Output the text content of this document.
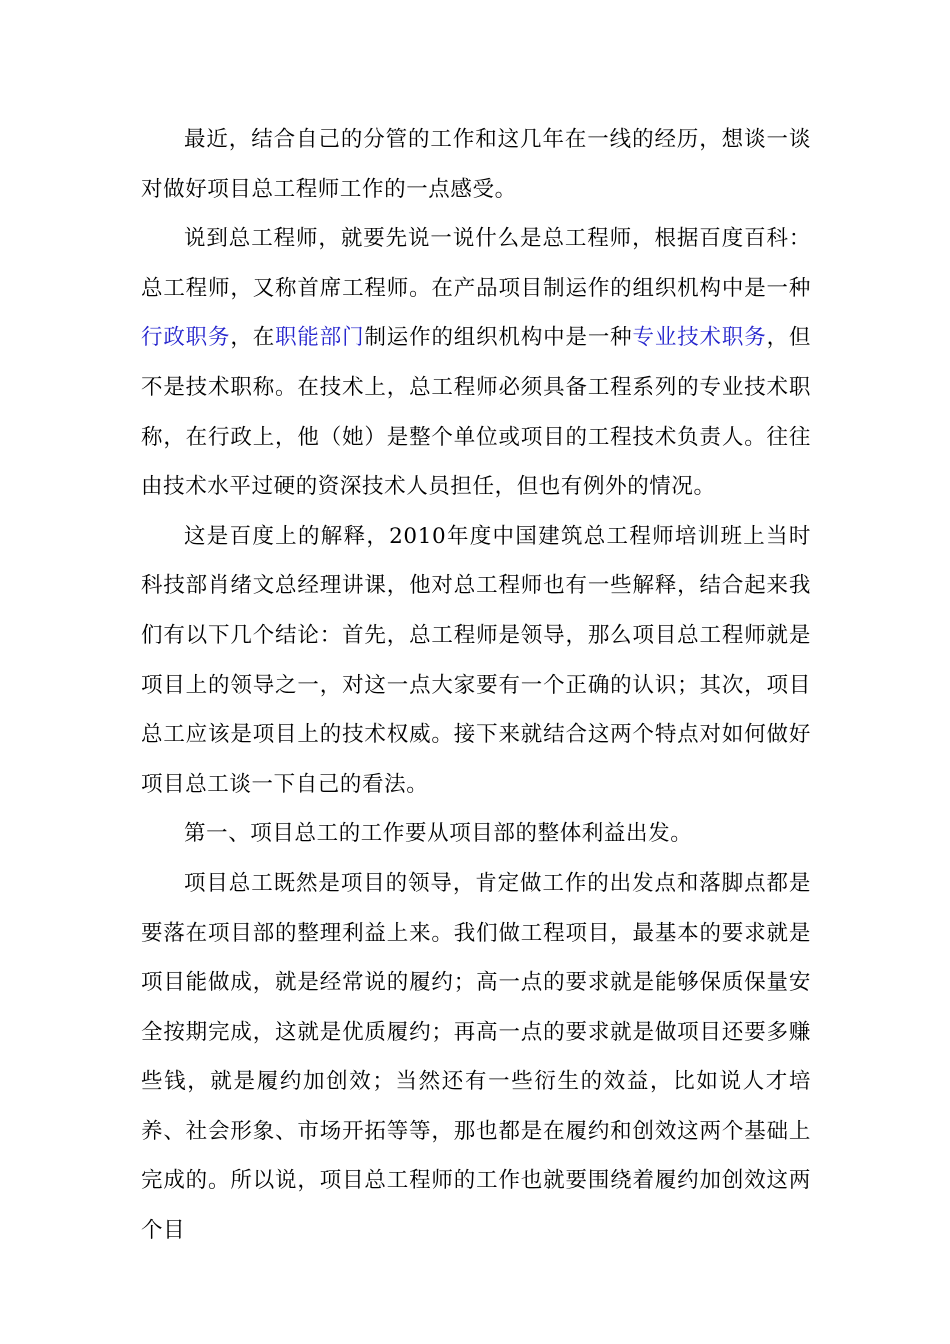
最近，结合自己的分管的工作和这几年在一线的经历，想谈一谈对做好项目总工程师工作的一点感受。

说到总工程师，就要先说一说什么是总工程师，根据百度百科：总工程师，又称首席工程师。在产品项目制运作的组织机构中是一种行政职务，在职能部门制运作的组织机构中是一种专业技术职务，但不是技术职称。在技术上，总工程师必须具备工程系列的专业技术职称，在行政上，他（她）是整个单位或项目的工程技术负责人。往往由技术水平过硬的资深技术人员担任，但也有例外的情况。

这是百度上的解释，2010年度中国建筑总工程师培训班上当时科技部肖绪文总经理讲课，他对总工程师也有一些解释，结合起来我们有以下几个结论：首先，总工程师是领导，那么项目总工程师就是项目上的领导之一，对这一点大家要有一个正确的认识；其次，项目总工应该是项目上的技术权威。接下来就结合这两个特点对如何做好项目总工谈一下自己的看法。

第一、项目总工的工作要从项目部的整体利益出发。

项目总工既然是项目的领导，肯定做工作的出发点和落脚点都是要落在项目部的整理利益上来。我们做工程项目，最基本的要求就是项目能做成，就是经常说的履约；高一点的要求就是能够保质保量安全按期完成，这就是优质履约；再高一点的要求就是做项目还要多赚些钱，就是履约加创效；当然还有一些衍生的效益，比如说人才培养、社会形象、市场开拓等等，那也都是在履约和创效这两个基础上完成的。所以说，项目总工程师的工作也就要围绕着履约加创效这两个目
